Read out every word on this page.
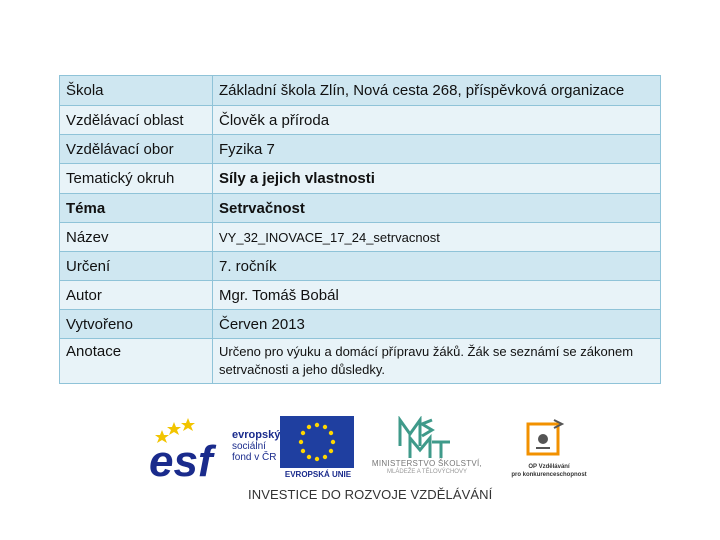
Škola	Základní škola Zlín, Nová cesta 268, příspěvková organizace
Vzdělávací oblast	Člověk a příroda
Vzdělávací obor	Fyzika 7
Tematický okruh	Síly a jejich vlastnosti
Téma	Setrvačnost
Název	VY_32_INOVACE_17_24_setrvacnost
Určení	7. ročník
Autor	Mgr. Tomáš Bobál
Vytvořeno	Červen 2013
Anotace	Určeno pro výuku a domácí přípravu žáků. Žák se seznámí se zákonem setrvačnosti a jeho důsledky.
esf
evropský
sociální
fond v ČR
EVROPSKÁ UNIE
MINISTERSTVO ŠKOLSTVÍ,
MLÁDEŽE A TĚLOVÝCHOVY
OP Vzdělávání
pro konkurenceschopnost
INVESTICE DO ROZVOJE VZDĚLÁVÁNÍ
